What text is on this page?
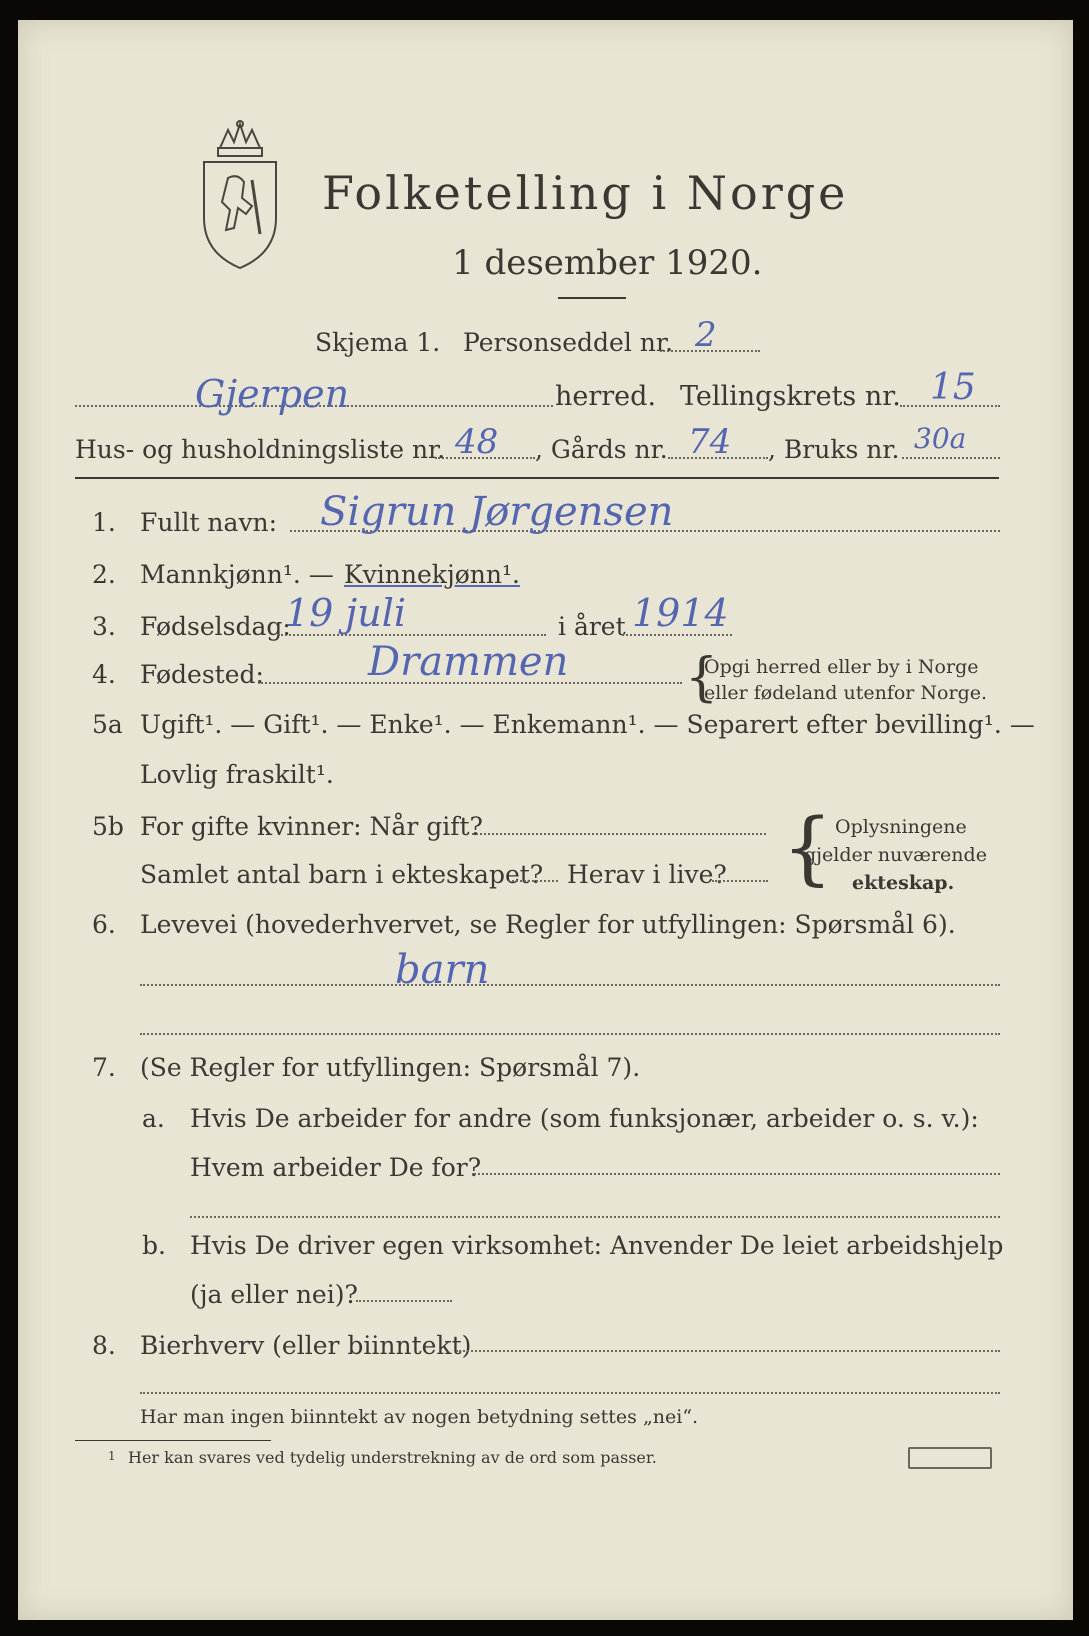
Folketelling i Norge
1 desember 1920.
Skjema 1. Personseddel nr. 2
Gjerpen	herred. Tellingskrets nr. 15
Hus- og husholdningsliste nr. 48 , Gårds nr. 74 , Bruks nr. 30a
1. Fullt navn: Sigrun Jørgensen
2. Mannkjønn¹. — Kvinnekjønn¹.
3. Fødselsdag:
19 juli	i året 1914
4. Fødested:	Drammen {
Opgi herred eller by i Norge
eller fødeland utenfor Norge.
5a Ugift¹. — Gift¹. — Enke¹. — Enkemann¹. — Separert efter bevilling¹. —
Lovlig fraskilt¹.
5b For gifte kvinner: Når gift?
Samlet antal barn i ekteskapet? Herav i live? { Oplysningene
gjelder nuværende
ekteskap.
6. Levevei (hovederhvervet, se Regler for utfyllingen: Spørsmål 6).
barn
7. (Se Regler for utfyllingen: Spørsmål 7).
a. Hvis De arbeider for andre (som funksjonær, arbeider o. s. v.):
Hvem arbeider De for?
b. Hvis De driver egen virksomhet: Anvender De leiet arbeidshjelp
(ja eller nei)?
8. Bierhverv (eller biinntekt)
Har man ingen biinntekt av nogen betydning settes „nei“.
1 Her kan svares ved tydelig understrekning av de ord som passer.
